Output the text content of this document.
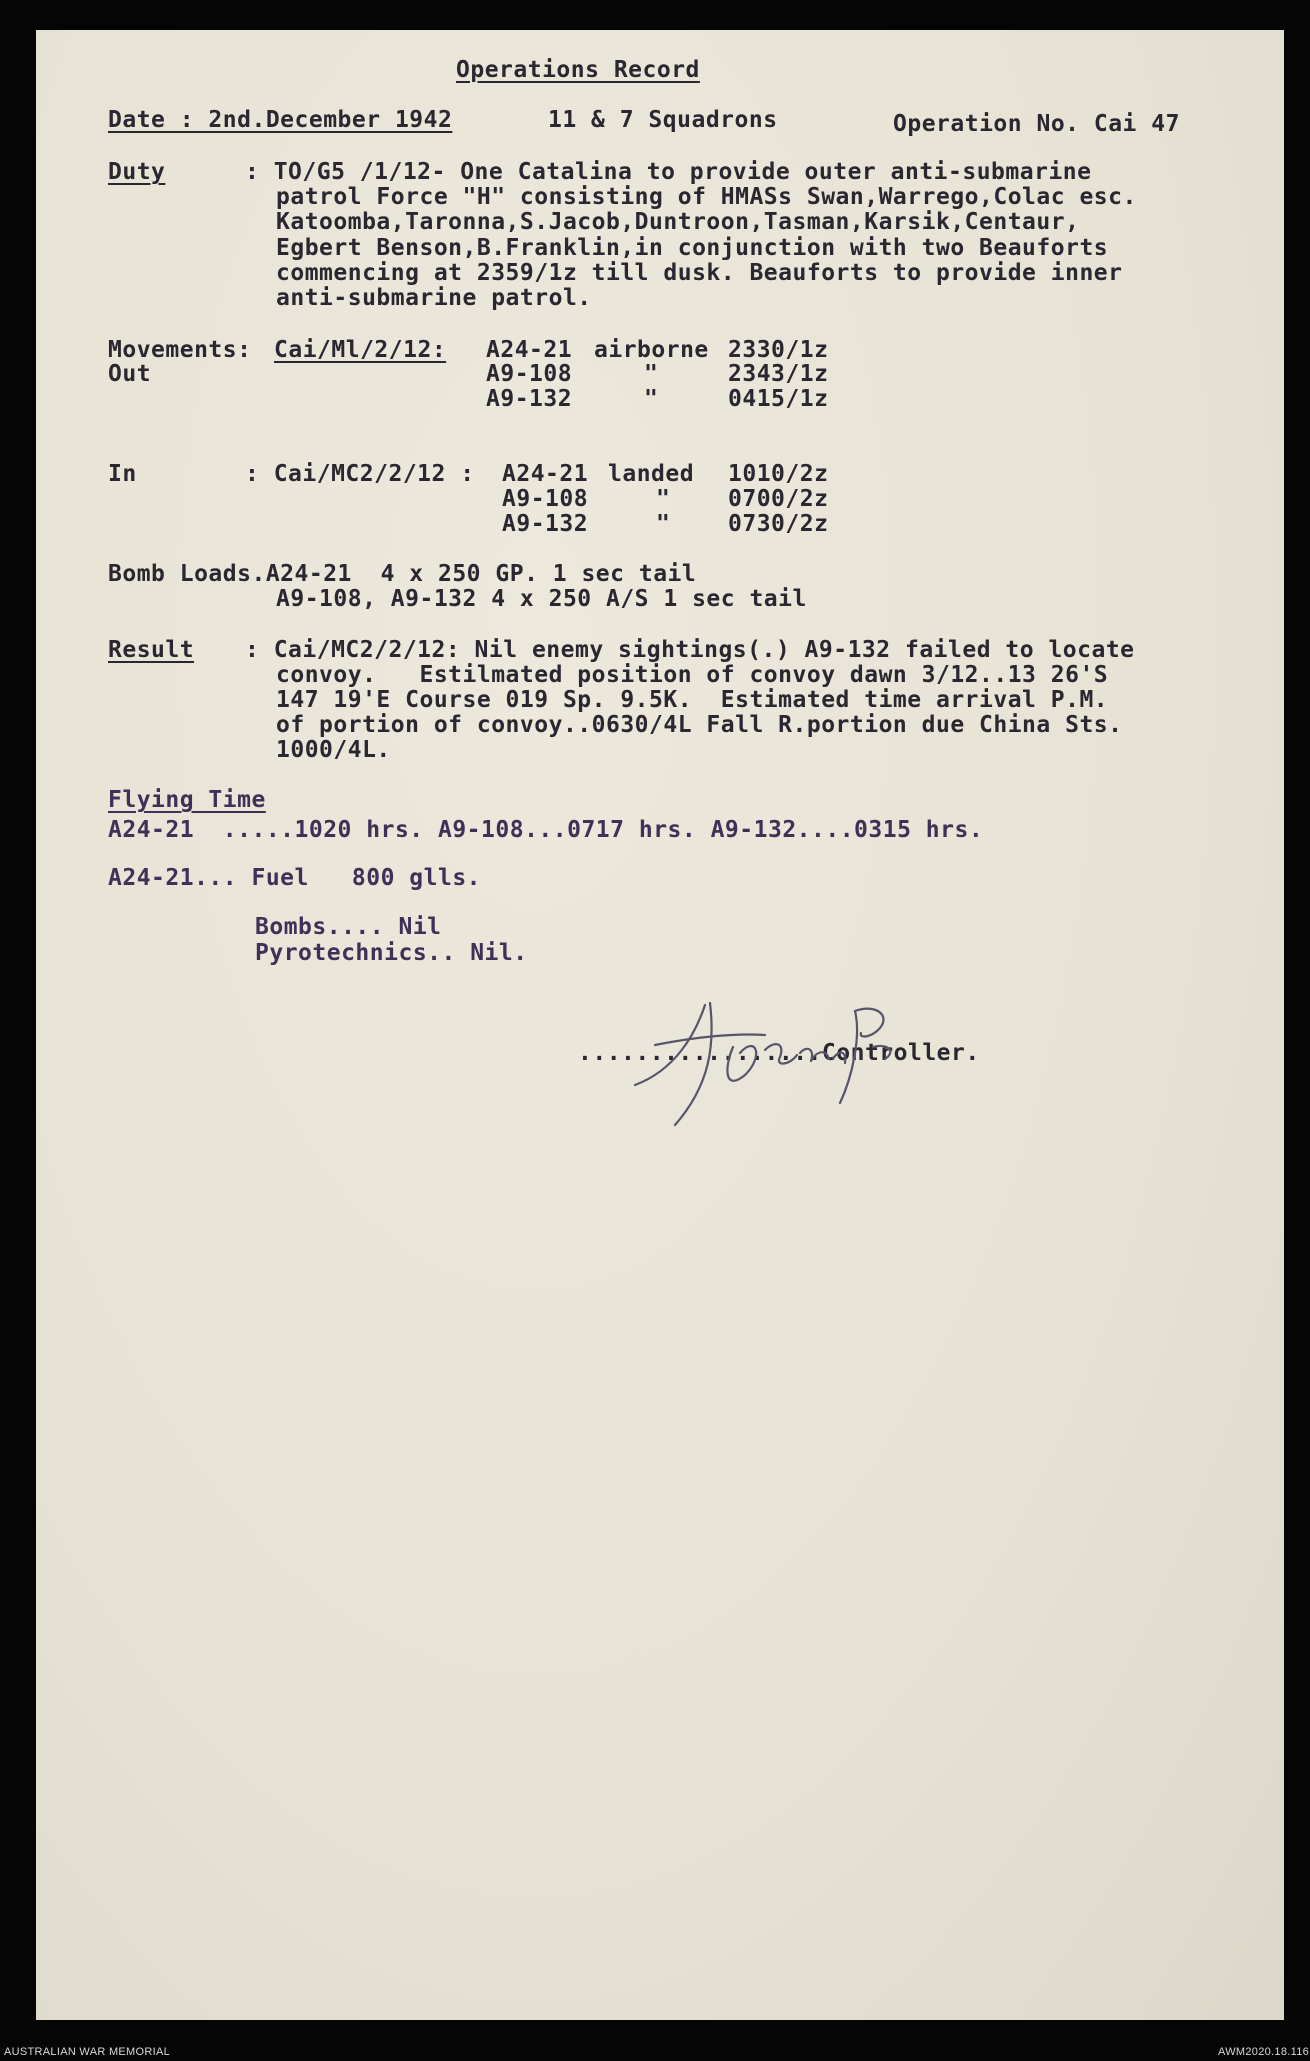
Operations Record
Date : 2nd.December 1942	11 & 7 Squadrons	Operation No. Cai 47
Duty	: TO/G5 /1/12- One Catalina to provide outer anti-submarine
patrol Force "H" consisting of HMASs Swan,Warrego,Colac esc.
Katoomba,Taronna,S.Jacob,Duntroon,Tasman,Karsik,Centaur,
Egbert Benson,B.Franklin,in conjunction with two Beauforts
commencing at 2359/1z till dusk. Beauforts to provide inner
anti-submarine patrol.
Movements:
Out
Cai/Ml/2/12: A24-21 airborne 2330/1z
A9-108	"	2343/1z
A9-132	"	0415/1z
In	: Cai/MC2/2/12 : A24-21 landed 1010/2z
A9-108	"	0700/2z
A9-132	"	0730/2z
Bomb Loads.A24-21  4 x 250 GP. 1 sec tail
A9-108, A9-132 4 x 250 A/S 1 sec tail
Result : Cai/MC2/2/12: Nil enemy sightings(.) A9-132 failed to locate
convoy.   Estilmated position of convoy dawn 3/12..13 26'S
147 19'E Course 019 Sp. 9.5K.  Estimated time arrival P.M.
of portion of convoy..0630/4L Fall R.portion due China Sts.
1000/4L.
Flying Time
A24-21  .....1020 hrs. A9-108...0717 hrs. A9-132....0315 hrs.
A24-21... Fuel   800 glls.
Bombs.... Nil
Pyrotechnics.. Nil.
.................Controller.
AUSTRALIAN WAR MEMORIAL	AWM2020.18.116
